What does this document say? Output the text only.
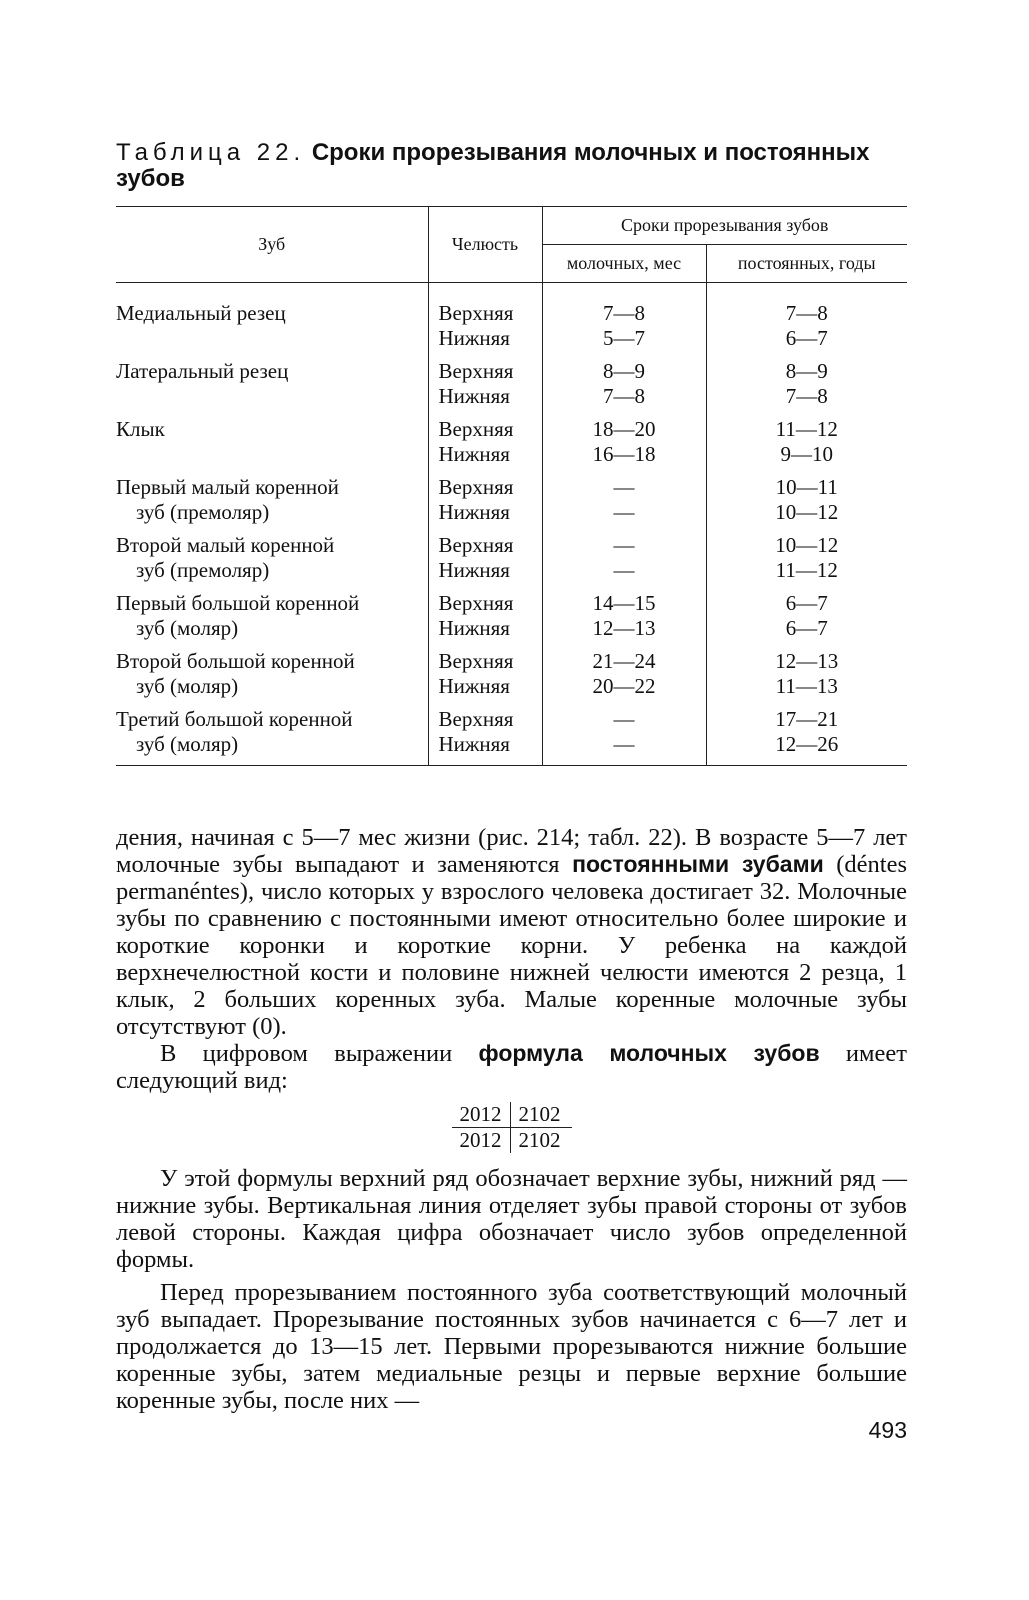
Таблица 22. Сроки прорезывания молочных и постоянных зубов

Зуб	Челюсть	Сроки прорезывания зубов	
		молочных, мес	постоянных, годы
Медиальный резец	Верхняя	7—8	7—8
	Нижняя	5—7	6—7

Латеральный резец	Верхняя	8—9	8—9
	Нижняя	7—8	7—8

Клык	Верхняя	18—20	11—12
	Нижняя	16—18	9—10

Первый малый коренной
зуб (премоляр)	Верхняя	—	10—11
	Нижняя	—	10—12

Второй малый коренной
зуб (премоляр)	Верхняя	—	10—12
	Нижняя	—	11—12

Первый большой коренной
зуб (моляр)	Верхняя	14—15	6—7
	Нижняя	12—13	6—7

Второй большой коренной
зуб (моляр)	Верхняя	21—24	12—13
	Нижняя	20—22	11—13

Третий большой коренной
зуб (моляр)	Верхняя	—	17—21
	Нижняя	—	12—26

дения, начиная с 5—7 мес жизни (рис. 214; табл. 22). В возрасте 5—7 лет молочные зубы выпадают и заменяются постоянными зубами (déntes permanéntes), число которых у взрослого человека достигает 32. Молочные зубы по сравнению с постоянными имеют относительно более широкие и короткие коронки и короткие корни. У ребенка на каждой верхнечелюстной кости и половине нижней челюсти имеются 2 резца, 1 клык, 2 больших коренных зуба. Малые коренные молочные зубы отсутствуют (0).

В цифровом выражении формула молочных зубов имеет следующий вид:

2012 2102
2012 2102

У этой формулы верхний ряд обозначает верхние зубы, нижний ряд — нижние зубы. Вертикальная линия отделяет зубы правой стороны от зубов левой стороны. Каждая цифра обозначает число зубов определенной формы.

Перед прорезыванием постоянного зуба соответствующий молочный зуб выпадает. Прорезывание постоянных зубов начинается с 6—7 лет и продолжается до 13—15 лет. Первыми прорезываются нижние большие коренные зубы, затем медиальные резцы и первые верхние большие коренные зубы, после них —

493
